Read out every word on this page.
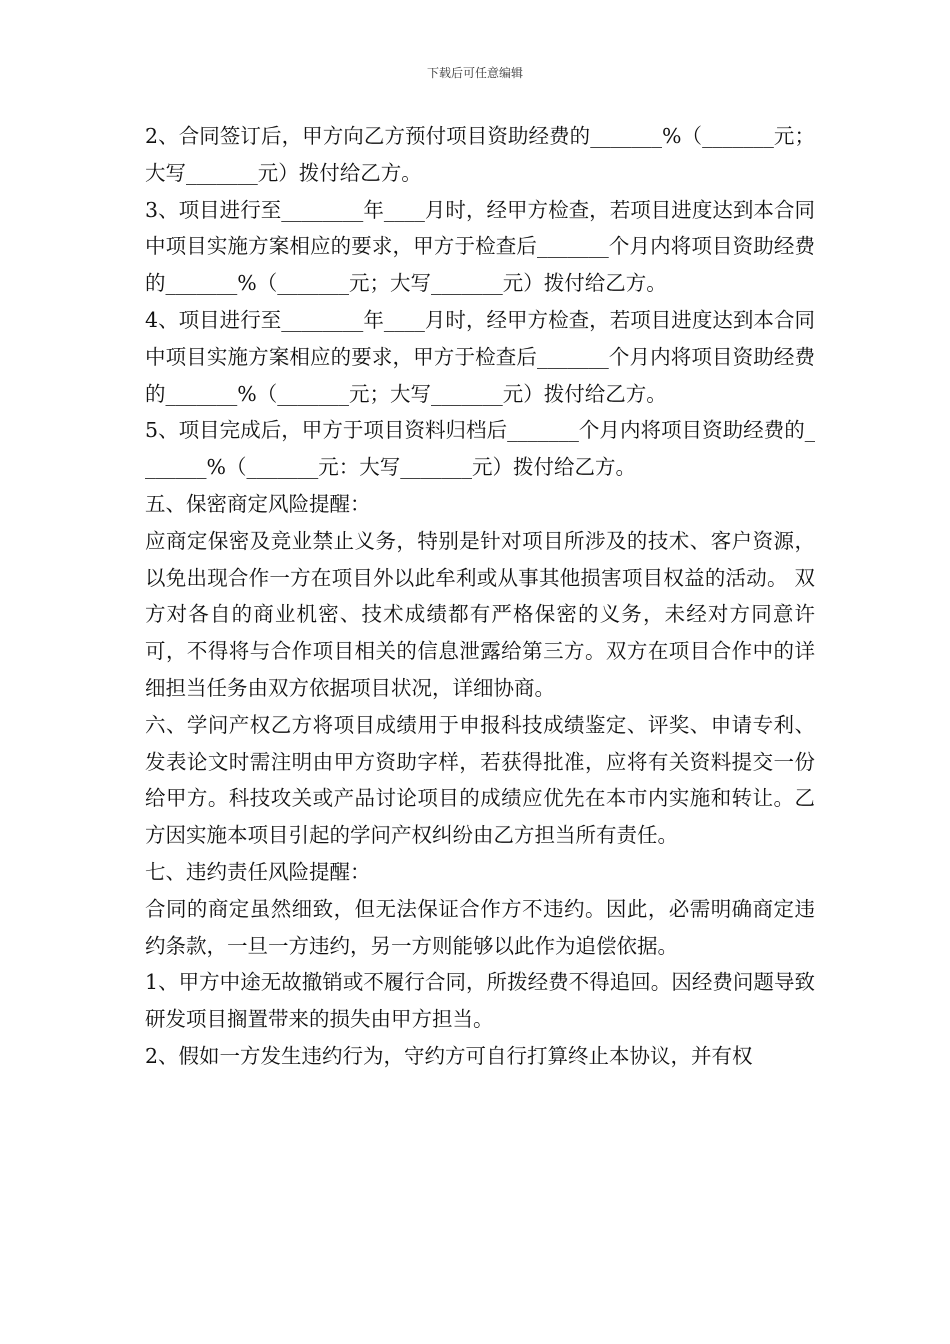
下载后可任意编辑

2、合同签订后，甲方向乙方预付项目资助经费的_______%（_______元；大写_______元）拨付给乙方。

3、项目进行至________年____月时，经甲方检查，若项目进度达到本合同中项目实施方案相应的要求，甲方于检查后_______个月内将项目资助经费的_______%（_______元；大写_______元）拨付给乙方。

4、项目进行至________年____月时，经甲方检查，若项目进度达到本合同中项目实施方案相应的要求，甲方于检查后_______个月内将项目资助经费的_______%（_______元；大写_______元）拨付给乙方。

5、项目完成后，甲方于项目资料归档后_______个月内将项目资助经费的_______%（_______元：大写_______元）拨付给乙方。

五、保密商定风险提醒：

应商定保密及竞业禁止义务，特别是针对项目所涉及的技术、客户资源，以免出现合作一方在项目外以此牟利或从事其他损害项目权益的活动。 双方对各自的商业机密、技术成绩都有严格保密的义务，未经对方同意许可，不得将与合作项目相关的信息泄露给第三方。双方在项目合作中的详细担当任务由双方依据项目状况，详细协商。

六、学问产权乙方将项目成绩用于申报科技成绩鉴定、评奖、申请专利、发表论文时需注明由甲方资助字样，若获得批准，应将有关资料提交一份给甲方。科技攻关或产品讨论项目的成绩应优先在本市内实施和转让。乙方因实施本项目引起的学问产权纠纷由乙方担当所有责任。

七、违约责任风险提醒：

合同的商定虽然细致，但无法保证合作方不违约。因此，必需明确商定违约条款，一旦一方违约，另一方则能够以此作为追偿依据。

1、甲方中途无故撤销或不履行合同，所拨经费不得追回。因经费问题导致研发项目搁置带来的损失由甲方担当。

2、假如一方发生违约行为，守约方可自行打算终止本协议，并有权
